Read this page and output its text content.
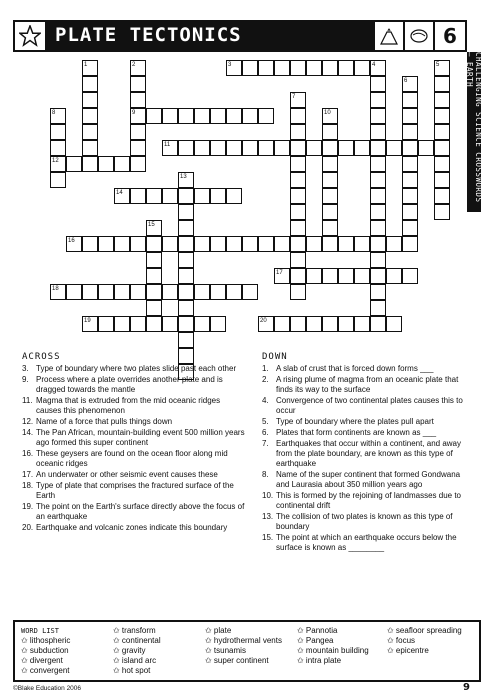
PLATE TECTONICS	6
CHALLENGING SCIENCE CROSSWORDS — EARTH
1	2	3	4	5
6
7
8	9	10
11
12
13
14
15
16
17
18
19	20
ACROSS	DOWN
3. Type of boundary where two plates slide past each other
9. Process where a plate overrides another plate and is dragged towards the mantle
11. Magma that is extruded from the mid oceanic ridges causes this phenomenon
12. Name of a force that pulls things down
14. The Pan African, mountain-building event 500 million years ago formed this super continent
16. These geysers are found on the ocean floor along mid oceanic ridges
17. An underwater or other seismic event causes these
18. Type of plate that comprises the fractured surface of the Earth
19. The point on the Earth's surface directly above the focus of an earthquake
20. Earthquake and volcanic zones indicate this boundary
1. A slab of crust that is forced down forms ___
2. A rising plume of magma from an oceanic plate that finds its way to the surface
4. Convergence of two continental plates causes this to occur
5. Type of boundary where the plates pull apart
6. Plates that form continents are known as ___
7. Earthquakes that occur within a continent, and away from the plate boundary, are known as this type of earthquake
8. Name of the super continent that formed Gondwana and Laurasia about 350 million years ago
10. This is formed by the rejoining of landmasses due to continental drift
13. The collision of two plates is known as this type of boundary
15. The point at which an earthquake occurs below the surface is known as ________
WORD LIST
✩ lithospheric
✩ subduction
✩ divergent
✩ convergent
✩ transform
✩ continental
✩ gravity
✩ island arc
✩ hot spot
✩ plate
✩ hydrothermal vents
✩ tsunamis
✩ super continent
✩ Pannotia
✩ Pangea
✩ mountain building
✩ intra plate
✩ seafloor spreading
✩ focus
✩ epicentre
©Blake Education 2006	9
